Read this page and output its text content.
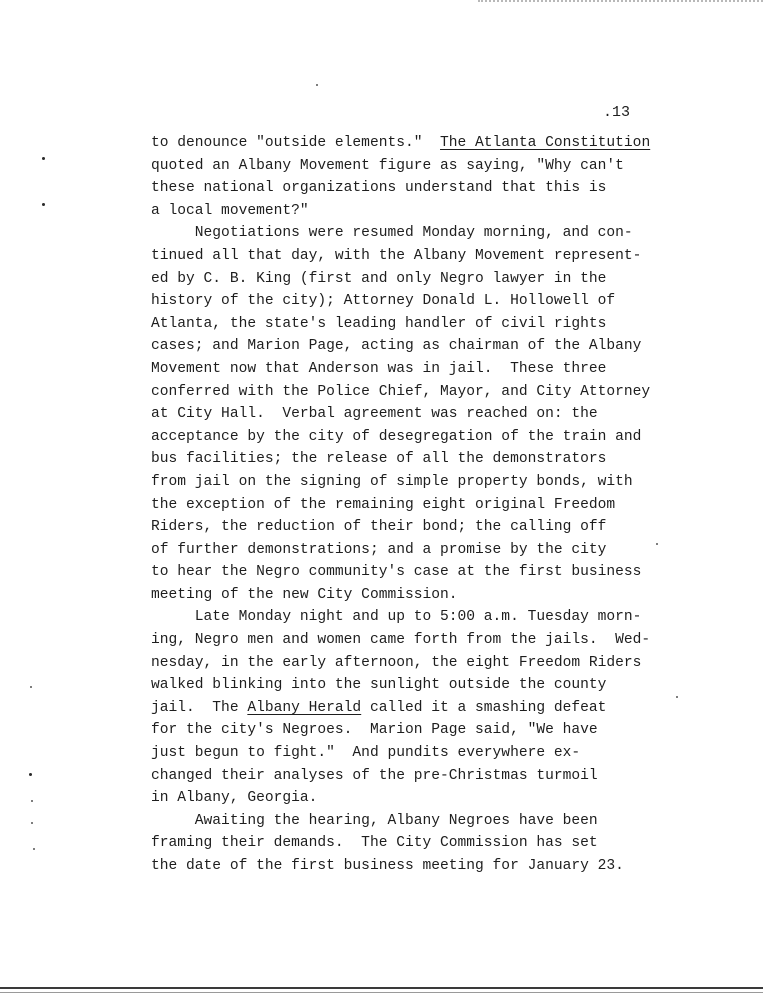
.13
to denounce "outside elements."  The Atlanta Constitution
quoted an Albany Movement figure as saying, "Why can't
these national organizations understand that this is
a local movement?"
Negotiations were resumed Monday morning, and con-
tinued all that day, with the Albany Movement represent-
ed by C. B. King (first and only Negro lawyer in the
history of the city); Attorney Donald L. Hollowell of
Atlanta, the state's leading handler of civil rights
cases; and Marion Page, acting as chairman of the Albany
Movement now that Anderson was in jail.  These three
conferred with the Police Chief, Mayor, and City Attorney
at City Hall.  Verbal agreement was reached on: the
acceptance by the city of desegregation of the train and
bus facilities; the release of all the demonstrators
from jail on the signing of simple property bonds, with
the exception of the remaining eight original Freedom
Riders, the reduction of their bond; the calling off
of further demonstrations; and a promise by the city
to hear the Negro community's case at the first business
meeting of the new City Commission.
Late Monday night and up to 5:00 a.m. Tuesday morn-
ing, Negro men and women came forth from the jails.  Wed-
nesday, in the early afternoon, the eight Freedom Riders
walked blinking into the sunlight outside the county
jail.  The Albany Herald called it a smashing defeat
for the city's Negroes.  Marion Page said, "We have
just begun to fight."  And pundits everywhere ex-
changed their analyses of the pre-Christmas turmoil
in Albany, Georgia.
Awaiting the hearing, Albany Negroes have been
framing their demands.  The City Commission has set
the date of the first business meeting for January 23.
